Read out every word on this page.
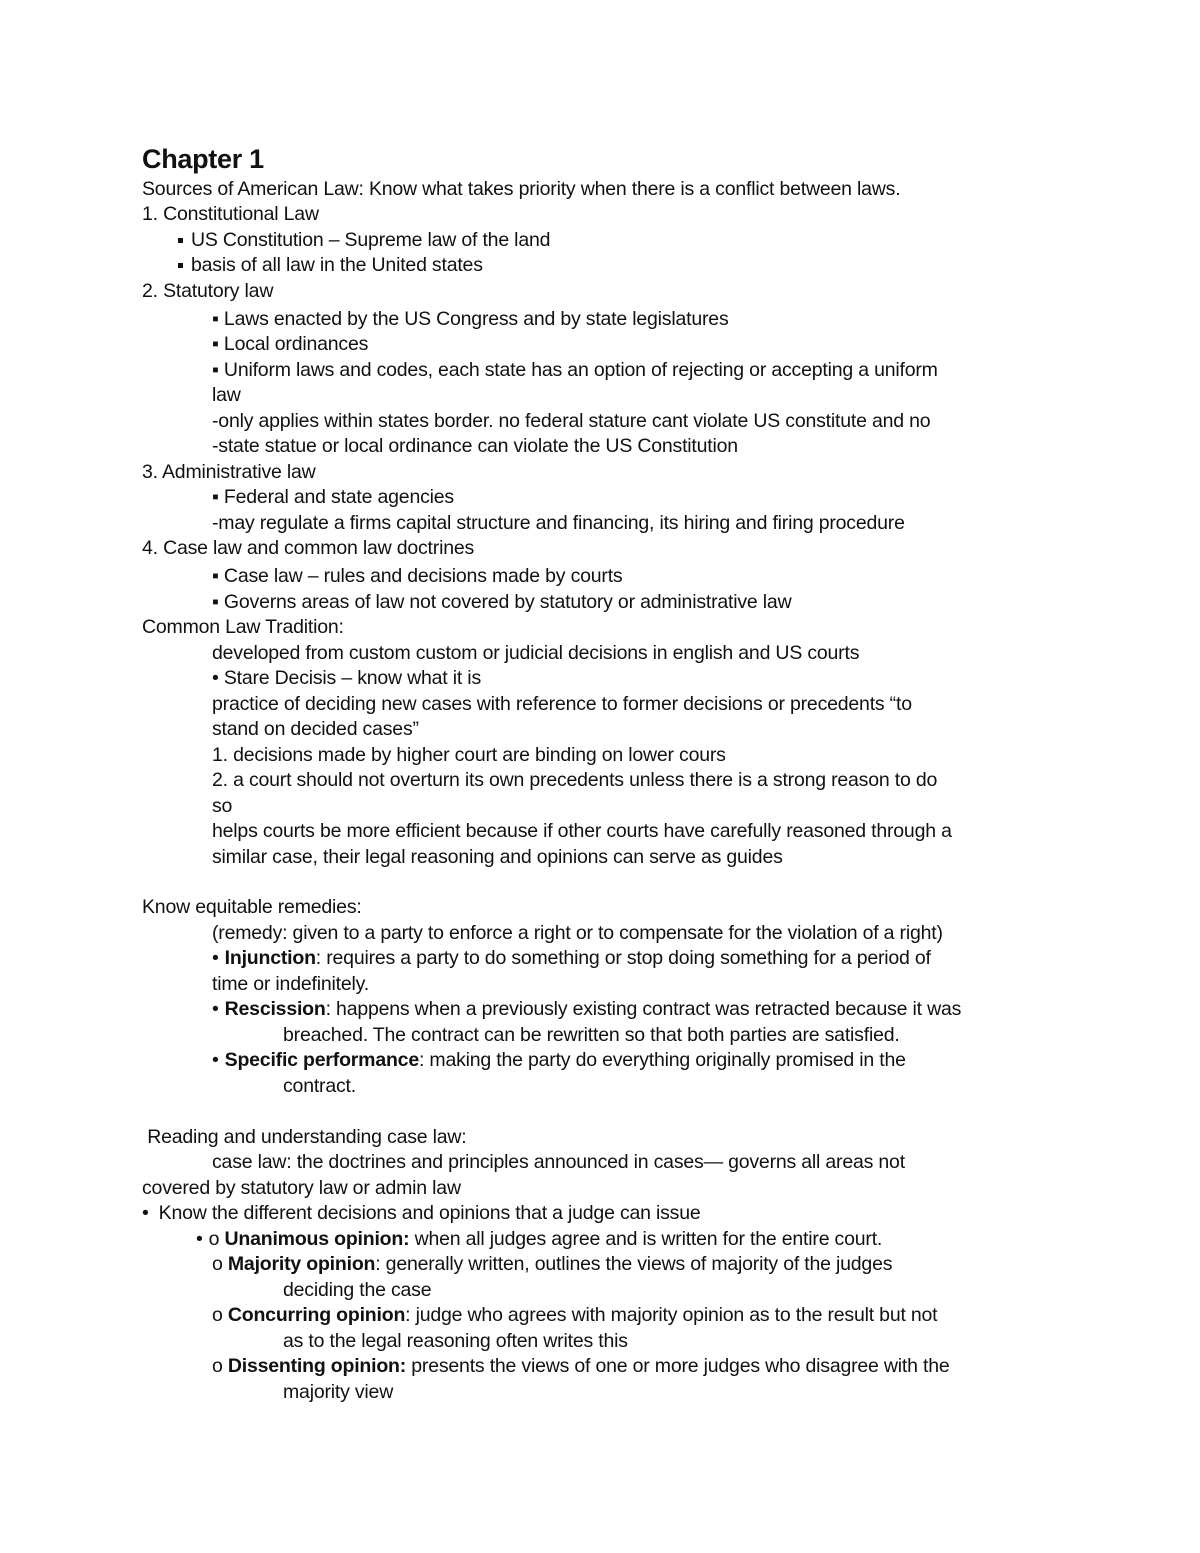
Chapter 1
Sources of American Law: Know what takes priority when there is a conflict between laws.
1. Constitutional Law
US Constitution – Supreme law of the land
basis of all law in the United states
2. Statutory law
▪ Laws enacted by the US Congress and by state legislatures
▪ Local ordinances
▪ Uniform laws and codes, each state has an option of rejecting or accepting a uniform
law
-only applies within states border. no federal stature cant violate US constitute and no
-state statue or local ordinance can violate the US Constitution
3. Administrative law
▪ Federal and state agencies
-may regulate a firms capital structure and financing, its hiring and firing procedure
4. Case law and common law doctrines
▪ Case law – rules and decisions made by courts
▪ Governs areas of law not covered by statutory or administrative law
Common Law Tradition:
developed from custom custom or judicial decisions in english and US courts
• Stare Decisis – know what it is
practice of deciding new cases with reference to former decisions or precedents “to
stand on decided cases”
1. decisions made by higher court are binding on lower cours
2. a court should not overturn its own precedents unless there is a strong reason to do
so
helps courts be more efficient because if other courts have carefully reasoned through a
similar case, their legal reasoning and opinions can serve as guides
Know equitable remedies:
(remedy: given to a party to enforce a right or to compensate for the violation of a right)
• Injunction: requires a party to do something or stop doing something for a period of
time or indefinitely.
• Rescission: happens when a previously existing contract was retracted because it was
breached. The contract can be rewritten so that both parties are satisfied.
• Specific performance: making the party do everything originally promised in the
contract.
Reading and understanding case law:
case law: the doctrines and principles announced in cases— governs all areas not
covered by statutory law or admin law
• Know the different decisions and opinions that a judge can issue
• o Unanimous opinion: when all judges agree and is written for the entire court.
o Majority opinion: generally written, outlines the views of majority of the judges
deciding the case
o Concurring opinion: judge who agrees with majority opinion as to the result but not
as to the legal reasoning often writes this
o Dissenting opinion: presents the views of one or more judges who disagree with the
majority view
